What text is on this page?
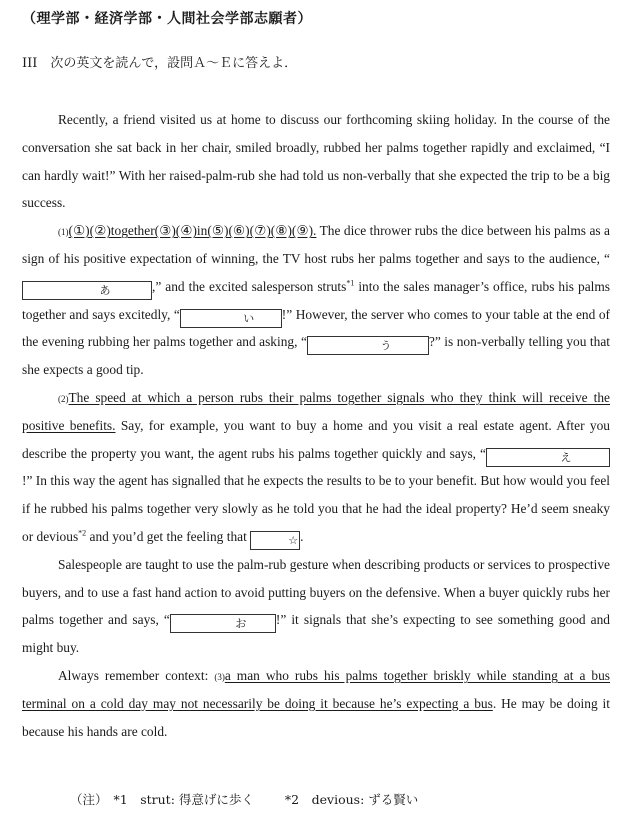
（理学部・経済学部・人間社会学部志願者）
III　次の英文を読んで，設問Ａ～Ｅに答えよ．

Recently, a friend visited us at home to discuss our forthcoming skiing holiday. In the course of the conversation she sat back in her chair, smiled broadly, rubbed her palms together rapidly and exclaimed, “I can hardly wait!” With her raised-palm-rub she had told us non-verbally that she expected the trip to be a big success.

$^{(1)}$(①)(②)together(③)(④)in(⑤)(⑥)(⑦)(⑧)(⑨). The dice thrower rubs the dice between his palms as a sign of his positive expectation of winning, the TV host rubs her palms together and says to the audience, “あ	,” and the excited salesperson struts$^{*1}$ into the sales manager’s office, rubs his palms together and says excitedly, “	い !” However, the server who comes to your table at the end of the evening rubbing her palms together and asking, “	う	?” is non-verbally telling you that she expects a good tip.

$^{(2)}$The speed at which a person rubs their palms together signals who they think will receive the positive benefits. Say, for example, you want to buy a home and you visit a real estate agent. After you describe the property you want, the agent rubs his palms together quickly and says, “	え!” In this way the agent has signalled that he expects the results to be to your benefit. But how would you feel if he rubbed his palms together very slowly as he told you that he had the ideal property? He’d seem sneaky or devious$^{*2}$ and you’d get the feeling that	☆ .

Salespeople are taught to use the palm-rub gesture when describing products or services to prospective buyers, and to use a fast hand action to avoid putting buyers on the defensive. When a buyer quickly rubs her palms together and says, “	お !” it signals that she’s expecting to see something good and might buy.

Always remember context: $^{(3)}$a man who rubs his palms together briskly while standing at a bus terminal on a cold day may not necessarily be doing it because he’s expecting a bus. He may be doing it because his hands are cold.

（注） *1　strut: 得意げに歩く　　 *2　devious: ずる賢い
